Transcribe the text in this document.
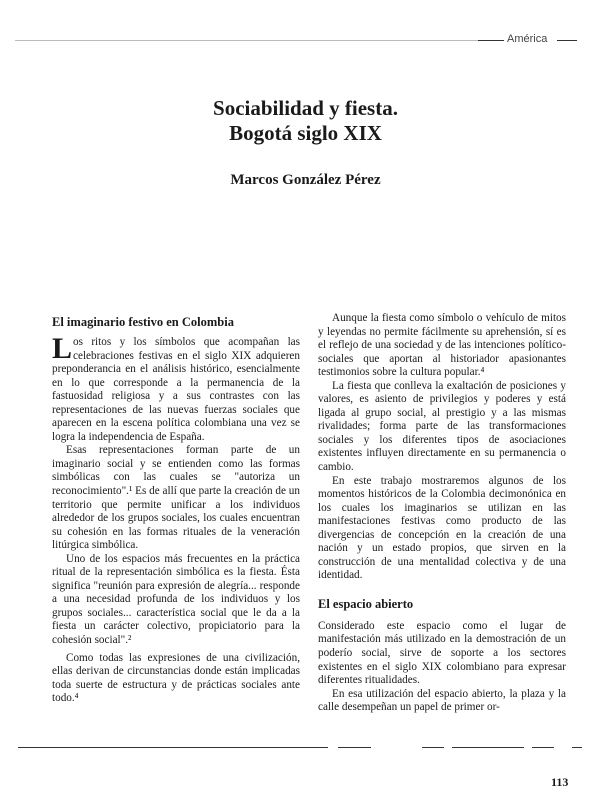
América
Sociabilidad y fiesta.
Bogotá siglo XIX
Marcos González Pérez
El imaginario festivo en Colombia

Los ritos y los símbolos que acompañan las celebraciones festivas en el siglo XIX adquieren preponderancia en el análisis histórico, esencialmente en lo que corresponde a la permanencia de la fastuosidad religiosa y a sus contrastes con las representaciones de las nuevas fuerzas sociales que aparecen en la escena política colombiana una vez se logra la independencia de España.

Esas representaciones forman parte de un imaginario social y se entienden como las formas simbólicas con las cuales se "autoriza un reconocimiento".¹ Es de allí que parte la creación de un territorio que permite unificar a los individuos alrededor de los grupos sociales, los cuales encuentran su cohesión en las formas rituales de la veneración litúrgica simbólica.

Uno de los espacios más frecuentes en la práctica ritual de la representación simbólica es la fiesta. Ésta significa "reunión para expresión de alegría... responde a una necesidad profunda de los individuos y los grupos sociales... característica social que le da a la fiesta un carácter colectivo, propiciatorio para la cohesión social".²

Como todas las expresiones de una civilización, ellas derivan de circunstancias donde están implicadas toda suerte de estructura y de prácticas sociales ante todo.⁴

Aunque la fiesta como símbolo o vehículo de mitos y leyendas no permite fácilmente su aprehensión, sí es el reflejo de una sociedad y de las intenciones político-sociales que aportan al historiador apasionantes testimonios sobre la cultura popular.⁴

La fiesta que conlleva la exaltación de posiciones y valores, es asiento de privilegios y poderes y está ligada al grupo social, al prestigio y a las mismas rivalidades; forma parte de las transformaciones sociales y los diferentes tipos de asociaciones existentes influyen directamente en su permanencia o cambio.

En este trabajo mostraremos algunos de los momentos históricos de la Colombia decimonónica en los cuales los imaginarios se utilizan en las manifestaciones festivas como producto de las divergencias de concepción en la creación de una nación y un estado propios, que sirven en la construcción de una mentalidad colectiva y de una identidad.

El espacio abierto

Considerado este espacio como el lugar de manifestación más utilizado en la demostración de un poderío social, sirve de soporte a los sectores existentes en el siglo XIX colombiano para expresar diferentes ritualidades.

En esa utilización del espacio abierto, la plaza y la calle desempeñan un papel de primer or-

113
